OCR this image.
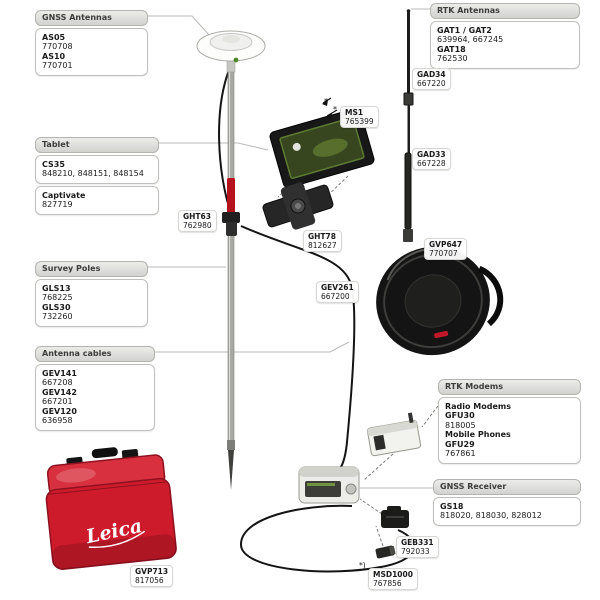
Leica
*
*
*)
GNSS Antennas
AS05
770708
AS10
770701
Tablet
CS35
848210, 848151, 848154
Captivate
827719
Survey Poles
GLS13
768225
GLS30
732260
Antenna cables
GEV141
667208
GEV142
667201
GEV120
636958
RTK Antennas
GAT1 / GAT2
639964, 667245
GAT18
762530
RTK Modems
Radio Modems
GFU30
818005
Mobile Phones
GFU29
767861
GNSS Receiver
GS18
818020, 818030, 828012
GAD34
667220
GAD33
667228
MS1
765399
GHT63
762980
GHT78
812627	GVP647
770707
GEV261
667200
GEB331
792033
MSD1000
767856
GVP713
817056
